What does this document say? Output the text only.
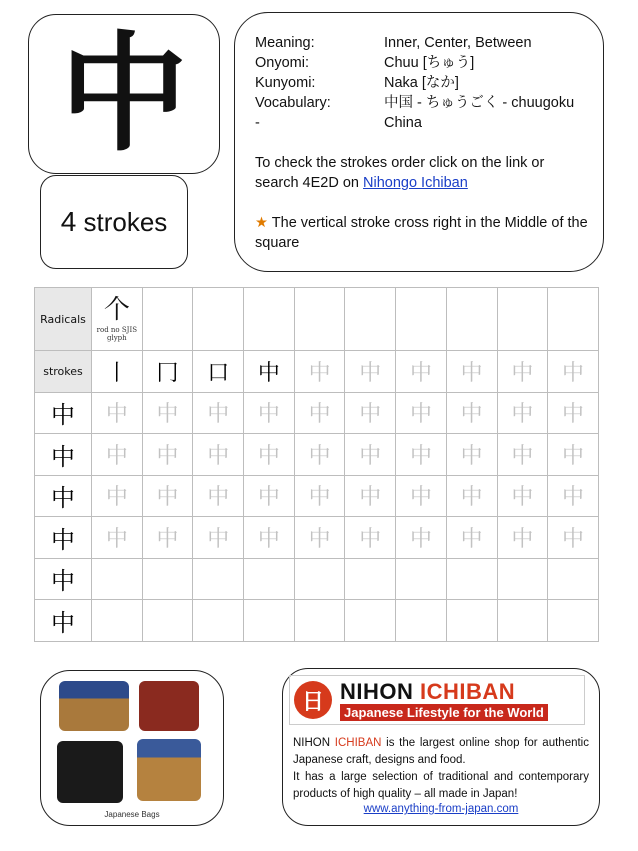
中
4
strokes
Meaning:	Inner, Center, Between
Onyomi:	Chuu [ちゅう]
Kunyomi:	Naka [なか]
Vocabulary:	中国 - ちゅうごく - chuugoku
-	China
To check the strokes order click on the link or search 4E2D on Nihongo Ichiban
★ The vertical stroke cross right in the Middle of the square
Radicals	个
rod no SJIS glyph									

strokes	丨	冂	口	中	中	中	中	中	中	中
中	中	中	中	中	中	中	中	中	中	中
中	中	中	中	中	中	中	中	中	中	中
中	中	中	中	中	中	中	中	中	中	中
中	中	中	中	中	中	中	中	中	中	中
中										
中										
Japanese Bags
日 NIHON ICHIBAN
Japanese Lifestyle for the World
NIHON ICHIBAN is the largest online shop for authentic Japanese craft, designs and food.
It has a large selection of traditional and contemporary products of high quality – all made in Japan!
www.anything-from-japan.com
